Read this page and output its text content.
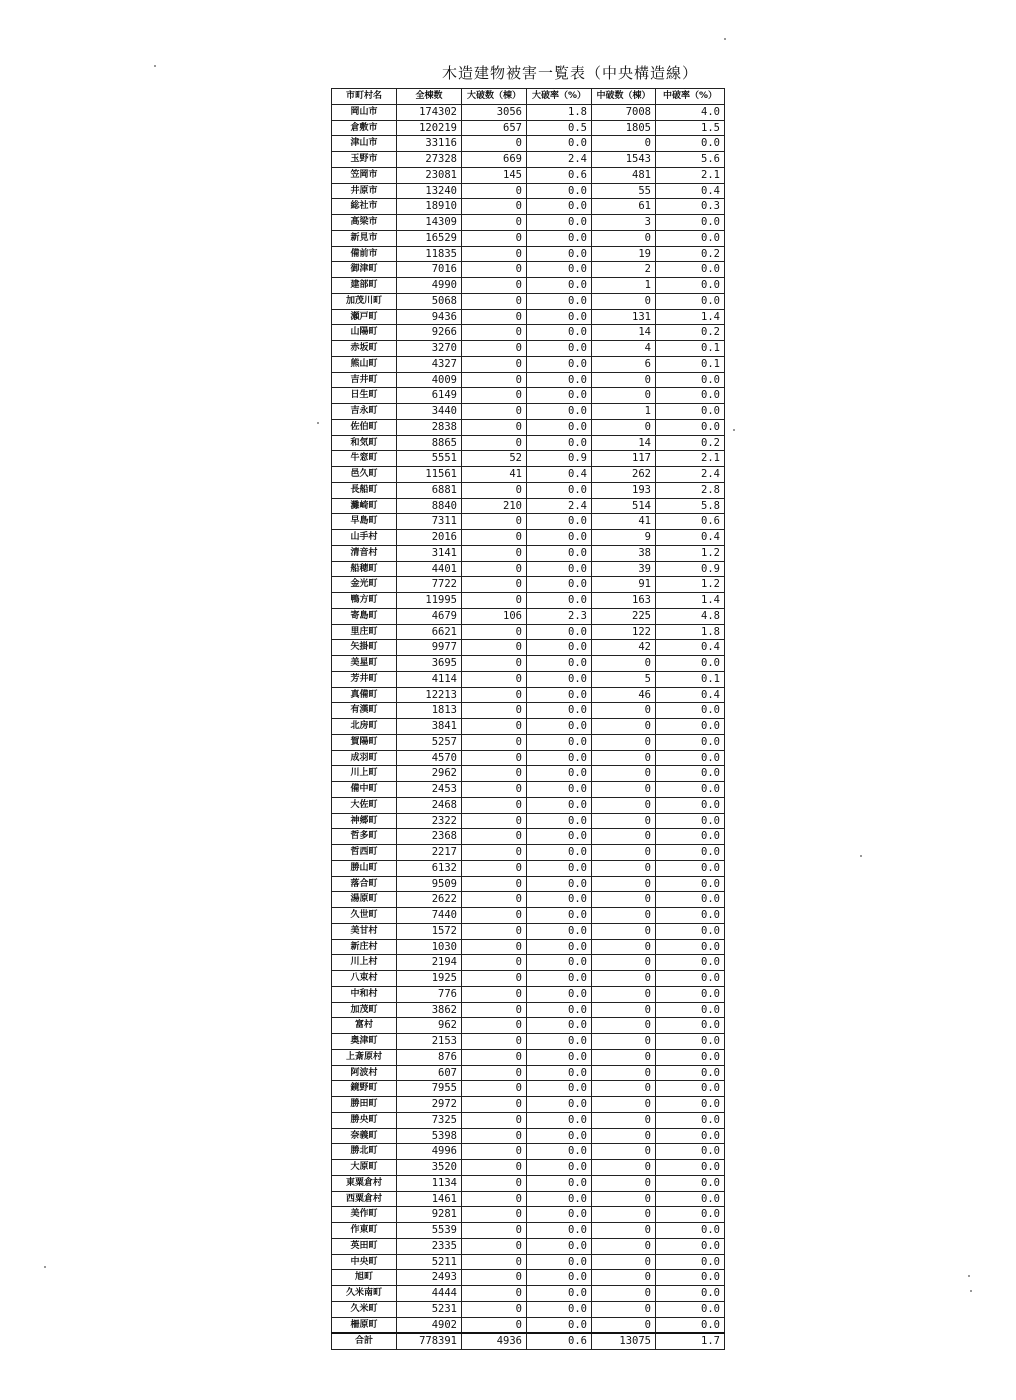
木造建物被害一覧表（中央構造線）
市町村名	全棟数	大破数（棟）	大破率（%）	中破数（棟）	中破率（%）
岡山市	174302	3056	1.8	7008	4.0
倉敷市	120219	657	0.5	1805	1.5
津山市	33116	0	0.0	0	0.0
玉野市	27328	669	2.4	1543	5.6
笠岡市	23081	145	0.6	481	2.1
井原市	13240	0	0.0	55	0.4
総社市	18910	0	0.0	61	0.3
高梁市	14309	0	0.0	3	0.0
新見市	16529	0	0.0	0	0.0
備前市	11835	0	0.0	19	0.2
御津町	7016	0	0.0	2	0.0
建部町	4990	0	0.0	1	0.0
加茂川町	5068	0	0.0	0	0.0
瀬戸町	9436	0	0.0	131	1.4
山陽町	9266	0	0.0	14	0.2
赤坂町	3270	0	0.0	4	0.1
熊山町	4327	0	0.0	6	0.1
吉井町	4009	0	0.0	0	0.0
日生町	6149	0	0.0	0	0.0
吉永町	3440	0	0.0	1	0.0
佐伯町	2838	0	0.0	0	0.0
和気町	8865	0	0.0	14	0.2
牛窓町	5551	52	0.9	117	2.1
邑久町	11561	41	0.4	262	2.4
長船町	6881	0	0.0	193	2.8
灘崎町	8840	210	2.4	514	5.8
早島町	7311	0	0.0	41	0.6
山手村	2016	0	0.0	9	0.4
清音村	3141	0	0.0	38	1.2
船穂町	4401	0	0.0	39	0.9
金光町	7722	0	0.0	91	1.2
鴨方町	11995	0	0.0	163	1.4
寄島町	4679	106	2.3	225	4.8
里庄町	6621	0	0.0	122	1.8
矢掛町	9977	0	0.0	42	0.4
美星町	3695	0	0.0	0	0.0
芳井町	4114	0	0.0	5	0.1
真備町	12213	0	0.0	46	0.4
有漢町	1813	0	0.0	0	0.0
北房町	3841	0	0.0	0	0.0
賀陽町	5257	0	0.0	0	0.0
成羽町	4570	0	0.0	0	0.0
川上町	2962	0	0.0	0	0.0
備中町	2453	0	0.0	0	0.0
大佐町	2468	0	0.0	0	0.0
神郷町	2322	0	0.0	0	0.0
哲多町	2368	0	0.0	0	0.0
哲西町	2217	0	0.0	0	0.0
勝山町	6132	0	0.0	0	0.0
落合町	9509	0	0.0	0	0.0
湯原町	2622	0	0.0	0	0.0
久世町	7440	0	0.0	0	0.0
美甘村	1572	0	0.0	0	0.0
新庄村	1030	0	0.0	0	0.0
川上村	2194	0	0.0	0	0.0
八束村	1925	0	0.0	0	0.0
中和村	776	0	0.0	0	0.0
加茂町	3862	0	0.0	0	0.0
富村	962	0	0.0	0	0.0
奥津町	2153	0	0.0	0	0.0
上斎原村	876	0	0.0	0	0.0
阿波村	607	0	0.0	0	0.0
鏡野町	7955	0	0.0	0	0.0
勝田町	2972	0	0.0	0	0.0
勝央町	7325	0	0.0	0	0.0
奈義町	5398	0	0.0	0	0.0
勝北町	4996	0	0.0	0	0.0
大原町	3520	0	0.0	0	0.0
東粟倉村	1134	0	0.0	0	0.0
西粟倉村	1461	0	0.0	0	0.0
美作町	9281	0	0.0	0	0.0
作東町	5539	0	0.0	0	0.0
英田町	2335	0	0.0	0	0.0
中央町	5211	0	0.0	0	0.0
旭町	2493	0	0.0	0	0.0
久米南町	4444	0	0.0	0	0.0
久米町	5231	0	0.0	0	0.0
柵原町	4902	0	0.0	0	0.0
合計	778391	4936	0.6	13075	1.7
